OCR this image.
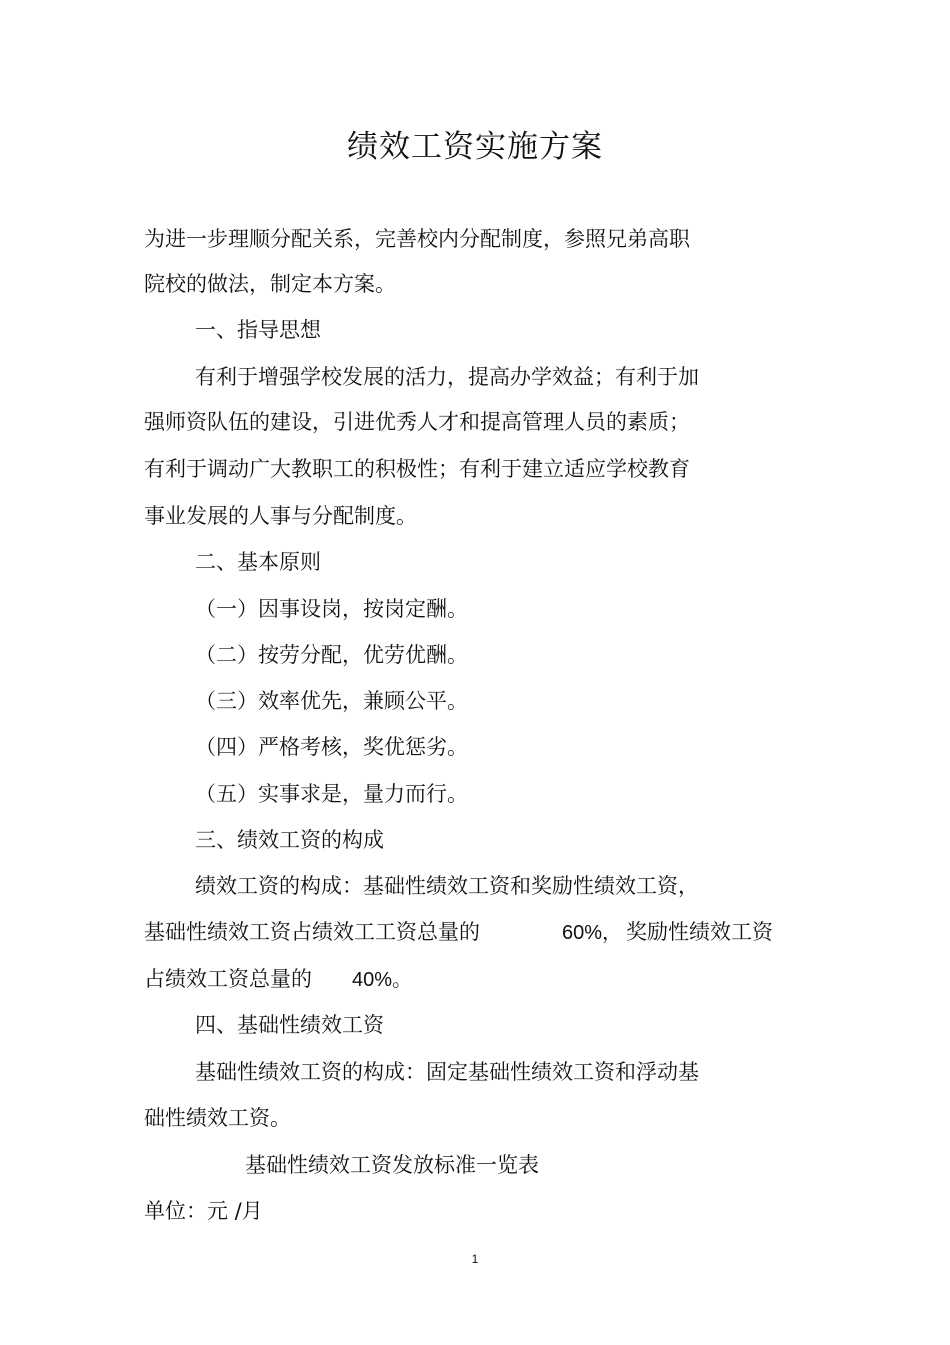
绩效工资实施方案
为进一步理顺分配关系，完善校内分配制度，参照兄弟高职
院校的做法，制定本方案。
一、指导思想
有利于增强学校发展的活力，提高办学效益；有利于加
强师资队伍的建设，引进优秀人才和提高管理人员的素质；
有利于调动广大教职工的积极性；有利于建立适应学校教育
事业发展的人事与分配制度。
二、基本原则
（一）因事设岗，按岗定酬。
（二）按劳分配，优劳优酬。
（三）效率优先，兼顾公平。
（四）严格考核，奖优惩劣。
（五）实事求是，量力而行。
三、绩效工资的构成
绩效工资的构成：基础性绩效工资和奖励性绩效工资，
基础性绩效工资占绩效工工资总量的	60%， 奖励性绩效工资
占绩效工资总量的 40%。
四、基础性绩效工资
基础性绩效工资的构成：固定基础性绩效工资和浮动基
础性绩效工资。
基础性绩效工资发放标准一览表
单位：元 /月
1
